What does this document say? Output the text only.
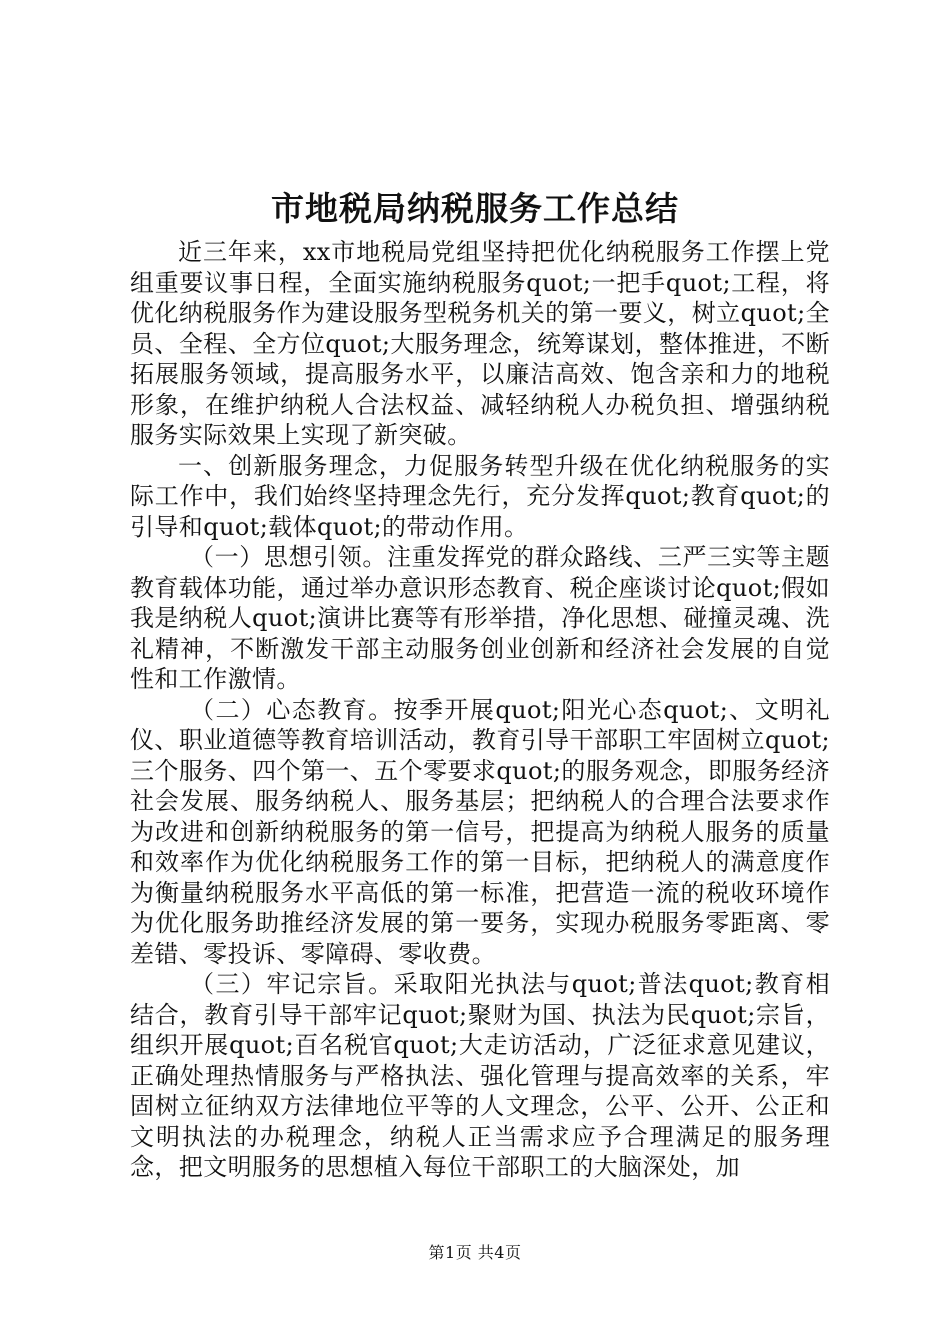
市地税局纳税服务工作总结

近三年来，xx市地税局党组坚持把优化纳税服务工作摆上党组重要议事日程，全面实施纳税服务quot;一把手quot;工程，将优化纳税服务作为建设服务型税务机关的第一要义，树立quot;全员、全程、全方位quot;大服务理念，统筹谋划，整体推进，不断拓展服务领域，提高服务水平，以廉洁高效、饱含亲和力的地税形象，在维护纳税人合法权益、减轻纳税人办税负担、增强纳税服务实际效果上实现了新突破。

一、创新服务理念，力促服务转型升级在优化纳税服务的实际工作中，我们始终坚持理念先行，充分发挥quot;教育quot;的引导和quot;载体quot;的带动作用。

（一）思想引领。注重发挥党的群众路线、三严三实等主题教育载体功能，通过举办意识形态教育、税企座谈讨论quot;假如我是纳税人quot;演讲比赛等有形举措，净化思想、碰撞灵魂、洗礼精神，不断激发干部主动服务创业创新和经济社会发展的自觉性和工作激情。

（二）心态教育。按季开展quot;阳光心态quot;、文明礼仪、职业道德等教育培训活动，教育引导干部职工牢固树立quot;三个服务、四个第一、五个零要求quot;的服务观念，即服务经济社会发展、服务纳税人、服务基层；把纳税人的合理合法要求作为改进和创新纳税服务的第一信号，把提高为纳税人服务的质量和效率作为优化纳税服务工作的第一目标，把纳税人的满意度作为衡量纳税服务水平高低的第一标准，把营造一流的税收环境作为优化服务助推经济发展的第一要务，实现办税服务零距离、零差错、零投诉、零障碍、零收费。

（三）牢记宗旨。采取阳光执法与quot;普法quot;教育相结合，教育引导干部牢记quot;聚财为国、执法为民quot;宗旨，组织开展quot;百名税官quot;大走访活动，广泛征求意见建议，正确处理热情服务与严格执法、强化管理与提高效率的关系，牢固树立征纳双方法律地位平等的人文理念，公平、公开、公正和文明执法的办税理念，纳税人正当需求应予合理满足的服务理念，把文明服务的思想植入每位干部职工的大脑深处，加

第1页 共4页
